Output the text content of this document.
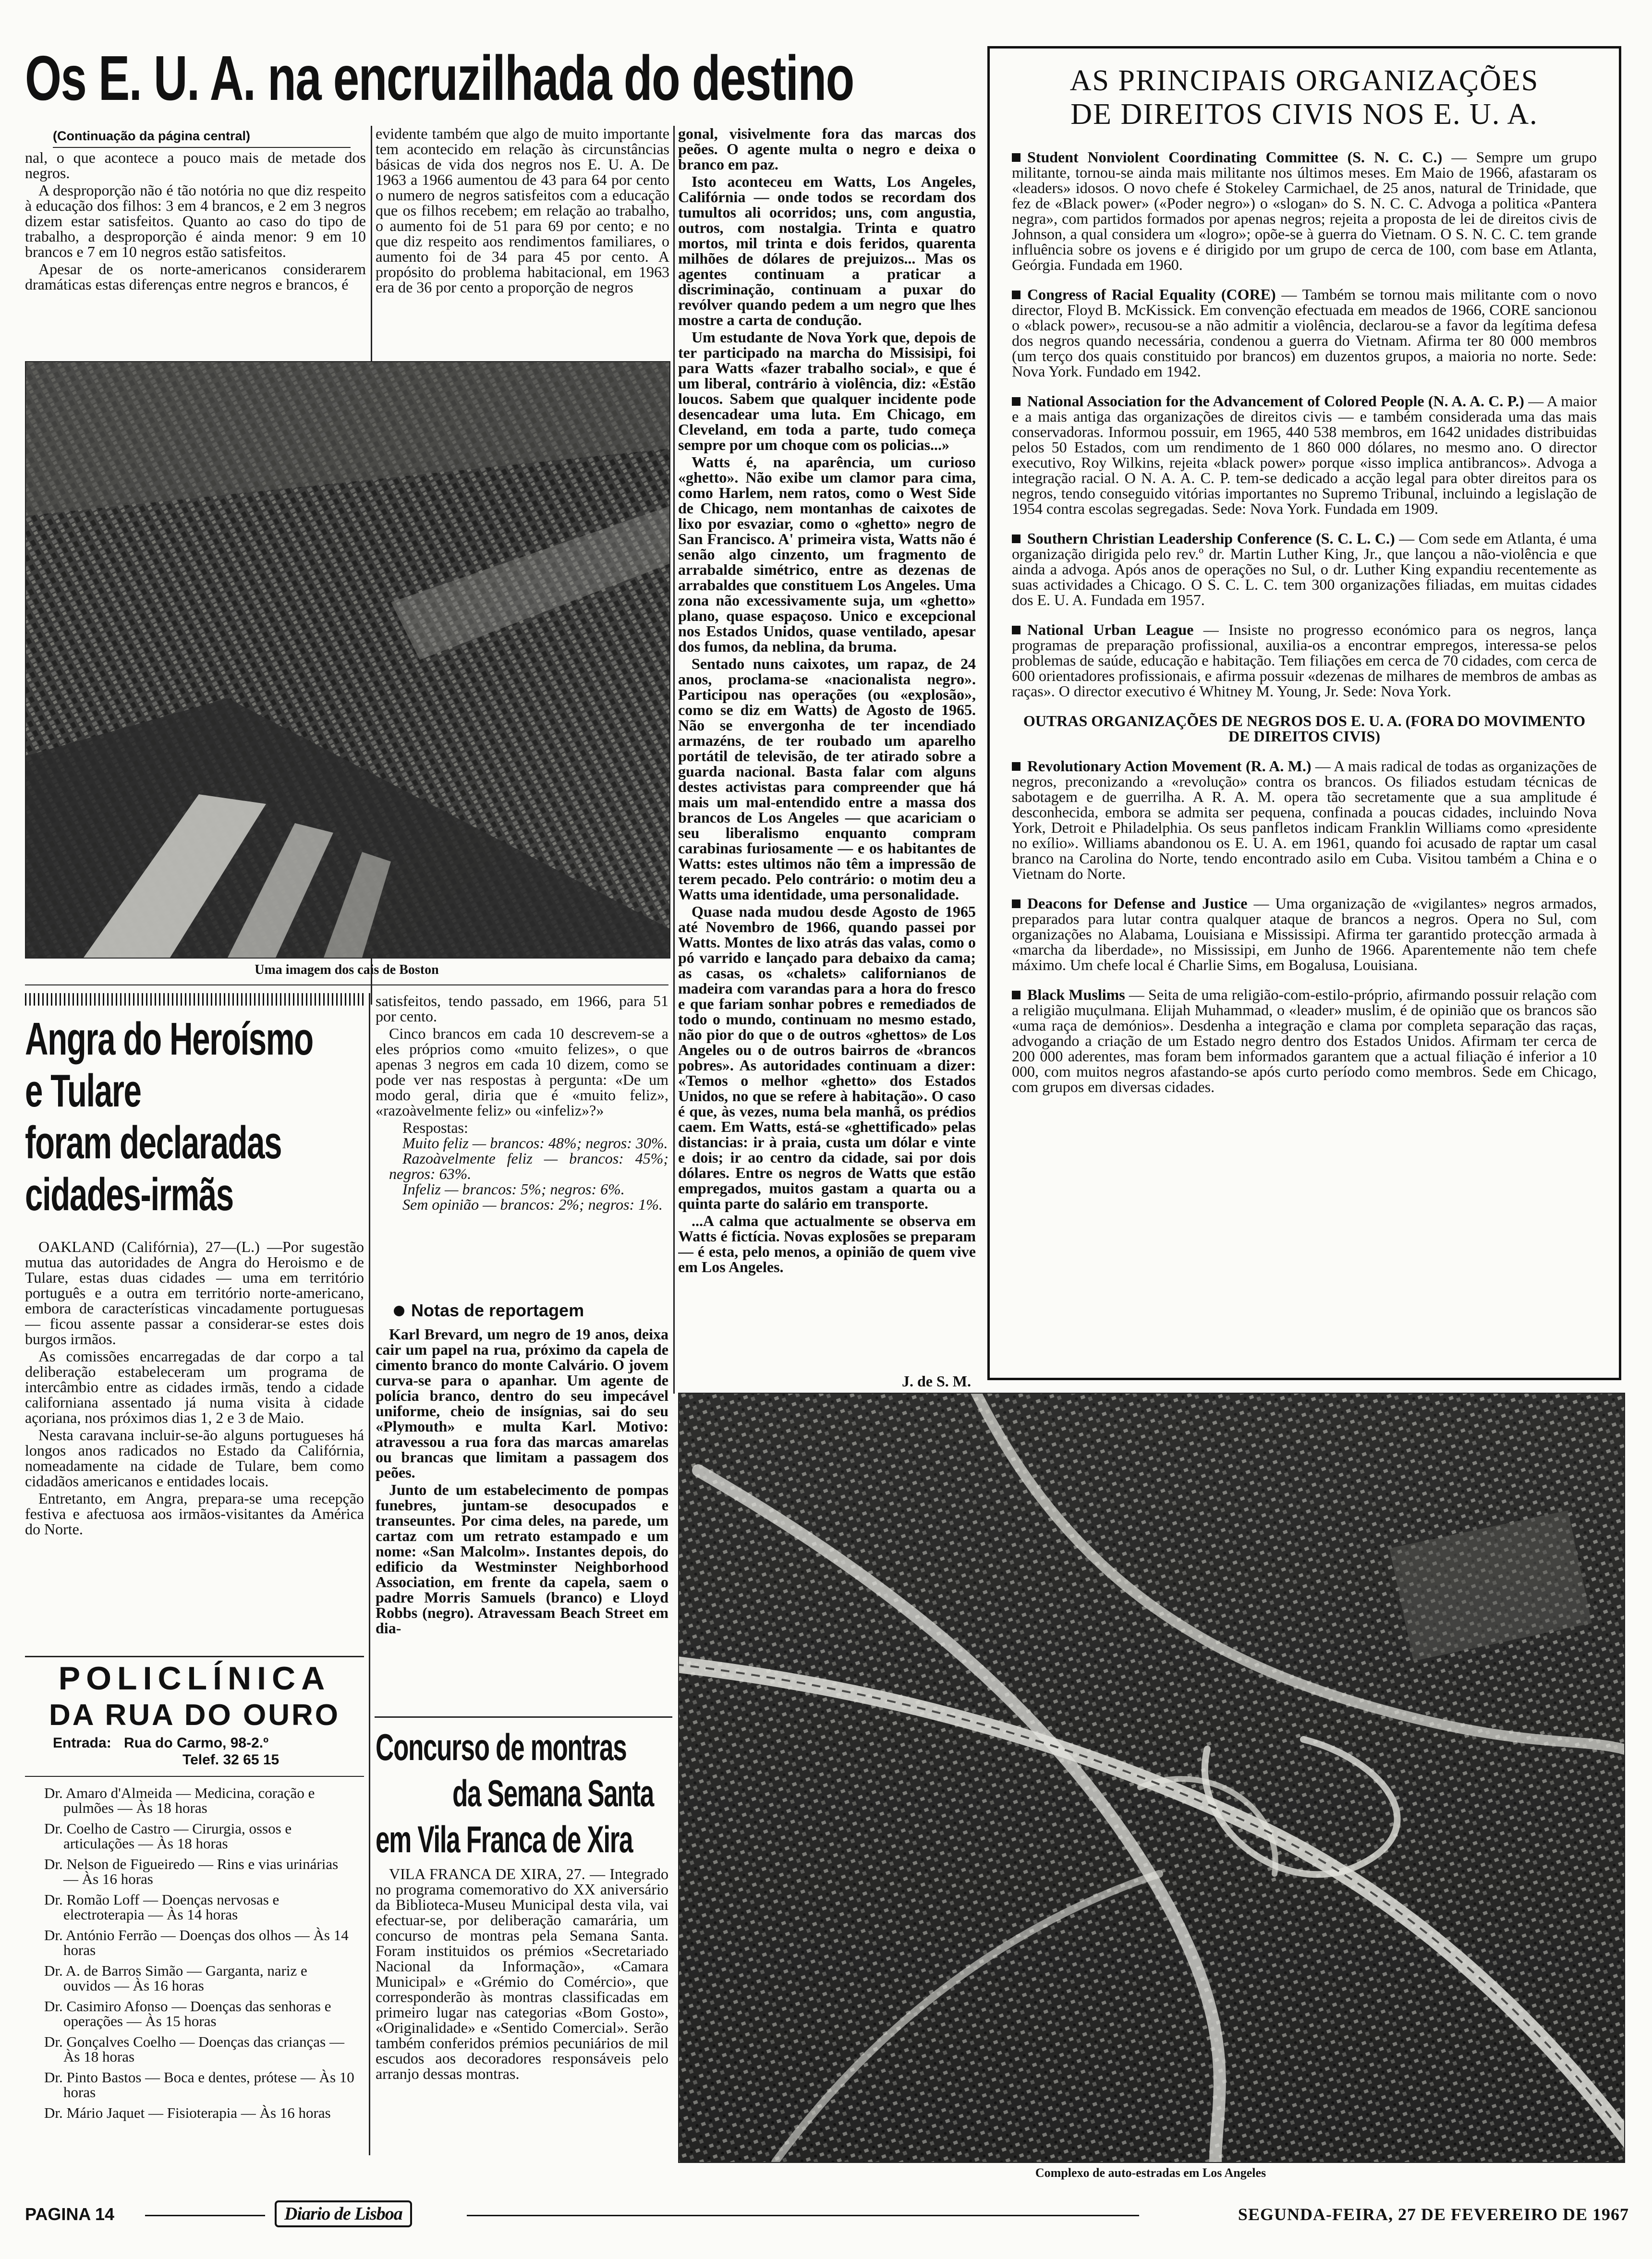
Os E. U. A. na encruzilhada do destino
(Continuação da página central)

nal, o que acontece a pouco mais de metade dos negros.

A desproporção não é tão notória no que diz respeito à educação dos filhos: 3 em 4 brancos, e 2 em 3 negros dizem estar satisfeitos. Quanto ao caso do tipo de trabalho, a desproporção é ainda menor: 9 em 10 brancos e 7 em 10 negros estão satisfeitos.

Apesar de os norte-americanos considerarem dramáticas estas diferenças entre negros e brancos, é

evidente também que algo de muito importante tem acontecido em relação às circunstâncias básicas de vida dos negros nos E. U. A. De 1963 a 1966 aumentou de 43 para 64 por cento o numero de negros satisfeitos com a educação que os filhos recebem; em relação ao trabalho, o aumento foi de 51 para 69 por cento; e no que diz respeito aos rendimentos familiares, o aumento foi de 34 para 45 por cento. A propósito do problema habitacional, em 1963 era de 36 por cento a proporção de negros

Uma imagem dos cais de Boston
Angra do Heroísmo
e Tulare
foram declaradas
cidades-irmãs

OAKLAND (Califórnia), 27—(L.) —Por sugestão mutua das autoridades de Angra do Heroismo e de Tulare, estas duas cidades — uma em território português e a outra em território norte-americano, embora de características vincadamente portuguesas — ficou assente passar a considerar-se estes dois burgos irmãos.

As comissões encarregadas de dar corpo a tal deliberação estabeleceram um programa de intercâmbio entre as cidades irmãs, tendo a cidade californiana assentado já numa visita à cidade açoriana, nos próximos dias 1, 2 e 3 de Maio.

Nesta caravana incluir-se-ão alguns portugueses há longos anos radicados no Estado da Califórnia, nomeadamente na cidade de Tulare, bem como cidadãos americanos e entidades locais.

Entretanto, em Angra, prepara-se uma recepção festiva e afectuosa aos irmãos-visitantes da América do Norte.

POLICLÍNICA
DA RUA DO OURO
Entrada: Rua do Carmo, 98-2.º
Telef. 32 65 15

Dr. Amaro d'Almeida — Medicina, coração e pulmões — Às 18 horas

Dr. Coelho de Castro — Cirurgia, ossos e articulações — Às 18 horas

Dr. Nelson de Figueiredo — Rins e vias urinárias — Às 16 horas

Dr. Romão Loff — Doenças nervosas e electroterapia — Às 14 horas

Dr. António Ferrão — Doenças dos olhos — Às 14 horas

Dr. A. de Barros Simão — Garganta, nariz e ouvidos — Às 16 horas

Dr. Casimiro Afonso — Doenças das senhoras e operações — Às 15 horas

Dr. Gonçalves Coelho — Doenças das crianças — Às 18 horas

Dr. Pinto Bastos — Boca e dentes, prótese — Às 10 horas

Dr. Mário Jaquet — Fisioterapia — Às 16 horas

satisfeitos, tendo passado, em 1966, para 51 por cento.

Cinco brancos em cada 10 descrevem-se a eles próprios como «muito felizes», o que apenas 3 negros em cada 10 dizem, como se pode ver nas respostas à pergunta: «De um modo geral, diria que é «muito feliz», «razoàvelmente feliz» ou «infeliz»?»

Respostas:

Muito feliz — brancos: 48%; negros: 30%.

Razoàvelmente feliz — brancos: 45%; negros: 63%.

Infeliz — brancos: 5%; negros: 6%.

Sem opinião — brancos: 2%; negros: 1%.

Notas de reportagem

Karl Brevard, um negro de 19 anos, deixa cair um papel na rua, próximo da capela de cimento branco do monte Calvário. O jovem curva-se para o apanhar. Um agente de polícia branco, dentro do seu impecável uniforme, cheio de insígnias, sai do seu «Plymouth» e multa Karl. Motivo: atravessou a rua fora das marcas amarelas ou brancas que limitam a passagem dos peões.

Junto de um estabelecimento de pompas funebres, juntam-se desocupados e transeuntes. Por cima deles, na parede, um cartaz com um retrato estampado e um nome: «San Malcolm». Instantes depois, do edificio da Westminster Neighborhood Association, em frente da capela, saem o padre Morris Samuels (branco) e Lloyd Robbs (negro). Atravessam Beach Street em dia-

Concurso de montras
da Semana Santa
em Vila Franca de Xira

VILA FRANCA DE XIRA, 27. — Integrado no programa comemorativo do XX aniversário da Biblioteca-Museu Municipal desta vila, vai efectuar-se, por deliberação camarária, um concurso de montras pela Semana Santa. Foram instituidos os prémios «Secretariado Nacional da Informação», «Camara Municipal» e «Grémio do Comércio», que corresponderão às montras classificadas em primeiro lugar nas categorias «Bom Gosto», «Originalidade» e «Sentido Comercial». Serão também conferidos prémios pecuniários de mil escudos aos decoradores responsáveis pelo arranjo dessas montras.

gonal, visivelmente fora das marcas dos peões. O agente multa o negro e deixa o branco em paz.

Isto aconteceu em Watts, Los Angeles, Califórnia — onde todos se recordam dos tumultos ali ocorridos; uns, com angustia, outros, com nostalgia. Trinta e quatro mortos, mil trinta e dois feridos, quarenta milhões de dólares de prejuizos... Mas os agentes continuam a praticar a discriminação, continuam a puxar do revólver quando pedem a um negro que lhes mostre a carta de condução.

Um estudante de Nova York que, depois de ter participado na marcha do Missisipi, foi para Watts «fazer trabalho social», e que é um liberal, contrário à violência, diz: «Estão loucos. Sabem que qualquer incidente pode desencadear uma luta. Em Chicago, em Cleveland, em toda a parte, tudo começa sempre por um choque com os policias...»

Watts é, na aparência, um curioso «ghetto». Não exibe um clamor para cima, como Harlem, nem ratos, como o West Side de Chicago, nem montanhas de caixotes de lixo por esvaziar, como o «ghetto» negro de San Francisco. A' primeira vista, Watts não é senão algo cinzento, um fragmento de arrabalde simétrico, entre as dezenas de arrabaldes que constituem Los Angeles. Uma zona não excessivamente suja, um «ghetto» plano, quase espaçoso. Unico e excepcional nos Estados Unidos, quase ventilado, apesar dos fumos, da neblina, da bruma.

Sentado nuns caixotes, um rapaz, de 24 anos, proclama-se «nacionalista negro». Participou nas operações (ou «explosão», como se diz em Watts) de Agosto de 1965. Não se envergonha de ter incendiado armazéns, de ter roubado um aparelho portátil de televisão, de ter atirado sobre a guarda nacional. Basta falar com alguns destes activistas para compreender que há mais um mal-entendido entre a massa dos brancos de Los Angeles — que acariciam o seu liberalismo enquanto compram carabinas furiosamente — e os habitantes de Watts: estes ultimos não têm a impressão de terem pecado. Pelo contrário: o motim deu a Watts uma identidade, uma personalidade.

Quase nada mudou desde Agosto de 1965 até Novembro de 1966, quando passei por Watts. Montes de lixo atrás das valas, como o pó varrido e lançado para debaixo da cama; as casas, os «chalets» californianos de madeira com varandas para a hora do fresco e que fariam sonhar pobres e remediados de todo o mundo, continuam no mesmo estado, não pior do que o de outros «ghettos» de Los Angeles ou o de outros bairros de «brancos pobres». As autoridades continuam a dizer: «Temos o melhor «ghetto» dos Estados Unidos, no que se refere à habitação». O caso é que, às vezes, numa bela manhã, os prédios caem. Em Watts, está-se «ghettificado» pelas distancias: ir à praia, custa um dólar e vinte e dois; ir ao centro da cidade, sai por dois dólares. Entre os negros de Watts que estão empregados, muitos gastam a quarta ou a quinta parte do salário em transporte.

...A calma que actualmente se observa em Watts é fictícia. Novas explosões se preparam — é esta, pelo menos, a opinião de quem vive em Los Angeles.

J. de S. M.
AS PRINCIPAIS ORGANIZAÇÕES
DE DIREITOS CIVIS NOS E. U. A.

Student Nonviolent Coordinating Committee (S. N. C. C.) — Sempre um grupo militante, tornou-se ainda mais militante nos últimos meses. Em Maio de 1966, afastaram os «leaders» idosos. O novo chefe é Stokeley Carmichael, de 25 anos, natural de Trinidade, que fez de «Black power» («Poder negro») o «slogan» do S. N. C. C. Advoga a politica «Pantera negra», com partidos formados por apenas negros; rejeita a proposta de lei de direitos civis de Johnson, a qual considera um «logro»; opõe-se à guerra do Vietnam. O S. N. C. C. tem grande influência sobre os jovens e é dirigido por um grupo de cerca de 100, com base em Atlanta, Geórgia. Fundada em 1960.

Congress of Racial Equality (CORE) — Também se tornou mais militante com o novo director, Floyd B. McKissick. Em convenção efectuada em meados de 1966, CORE sancionou o «black power», recusou-se a não admitir a violência, declarou-se a favor da legítima defesa dos negros quando necessária, condenou a guerra do Vietnam. Afirma ter 80 000 membros (um terço dos quais constituido por brancos) em duzentos grupos, a maioria no norte. Sede: Nova York. Fundado em 1942.

National Association for the Advancement of Colored People (N. A. A. C. P.) — A maior e a mais antiga das organizações de direitos civis — e também considerada uma das mais conservadoras. Informou possuir, em 1965, 440 538 membros, em 1642 unidades distribuidas pelos 50 Estados, com um rendimento de 1 860 000 dólares, no mesmo ano. O director executivo, Roy Wilkins, rejeita «black power» porque «isso implica antibrancos». Advoga a integração racial. O N. A. A. C. P. tem-se dedicado a acção legal para obter direitos para os negros, tendo conseguido vitórias importantes no Supremo Tribunal, incluindo a legislação de 1954 contra escolas segregadas. Sede: Nova York. Fundada em 1909.

Southern Christian Leadership Conference (S. C. L. C.) — Com sede em Atlanta, é uma organização dirigida pelo rev.º dr. Martin Luther King, Jr., que lançou a não-violência e que ainda a advoga. Após anos de operações no Sul, o dr. Luther King expandiu recentemente as suas actividades a Chicago. O S. C. L. C. tem 300 organizações filiadas, em muitas cidades dos E. U. A. Fundada em 1957.

National Urban League — Insiste no progresso económico para os negros, lança programas de preparação profissional, auxilia-os a encontrar empregos, interessa-se pelos problemas de saúde, educação e habitação. Tem filiações em cerca de 70 cidades, com cerca de 600 orientadores profissionais, e afirma possuir «dezenas de milhares de membros de ambas as raças». O director executivo é Whitney M. Young, Jr. Sede: Nova York.

OUTRAS ORGANIZAÇÕES DE NEGROS DOS E. U. A. (FORA DO MOVIMENTO DE DIREITOS CIVIS)

Revolutionary Action Movement (R. A. M.) — A mais radical de todas as organizações de negros, preconizando a «revolução» contra os brancos. Os filiados estudam técnicas de sabotagem e de guerrilha. A R. A. M. opera tão secretamente que a sua amplitude é desconhecida, embora se admita ser pequena, confinada a poucas cidades, incluindo Nova York, Detroit e Philadelphia. Os seus panfletos indicam Franklin Williams como «presidente no exílio». Williams abandonou os E. U. A. em 1961, quando foi acusado de raptar um casal branco na Carolina do Norte, tendo encontrado asilo em Cuba. Visitou também a China e o Vietnam do Norte.

Deacons for Defense and Justice — Uma organização de «vigilantes» negros armados, preparados para lutar contra qualquer ataque de brancos a negros. Opera no Sul, com organizações no Alabama, Louisiana e Mississipi. Afirma ter garantido protecção armada à «marcha da liberdade», no Mississipi, em Junho de 1966. Aparentemente não tem chefe máximo. Um chefe local é Charlie Sims, em Bogalusa, Louisiana.

Black Muslims — Seita de uma religião-com-estilo-próprio, afirmando possuir relação com a religião muçulmana. Elijah Muhammad, o «leader» muslim, é de opinião que os brancos são «uma raça de demónios». Desdenha a integração e clama por completa separação das raças, advogando a criação de um Estado negro dentro dos Estados Unidos. Afirmam ter cerca de 200 000 aderentes, mas foram bem informados garantem que a actual filiação é inferior a 10 000, com muitos negros afastando-se após curto período como membros. Sede em Chicago, com grupos em diversas cidades.

Complexo de auto-estradas em Los Angeles
PAGINA 14	Diario de Lisboa	SEGUNDA-FEIRA, 27 DE FEVEREIRO DE 1967
